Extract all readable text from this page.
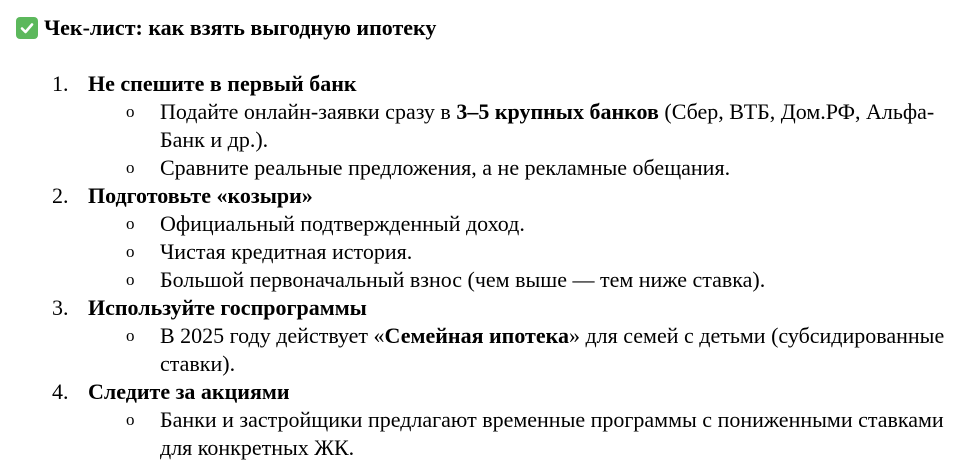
Чек-лист: как взять выгодную ипотеку
1. Не спешите в первый банк
o Подайте онлайн-заявки сразу в 3–5 крупных банков (Сбер, ВТБ, Дом.РФ, Альфа-Банк и др.).
o Сравните реальные предложения, а не рекламные обещания.
2. Подготовьте «козыри»
o Официальный подтвержденный доход.
o Чистая кредитная история.
o Большой первоначальный взнос (чем выше — тем ниже ставка).
3. Используйте госпрограммы
o В 2025 году действует «Семейная ипотека» для семей с детьми (субсидированные ставки).
4. Следите за акциями
o Банки и застройщики предлагают временные программы с пониженными ставками для конкретных ЖК.
